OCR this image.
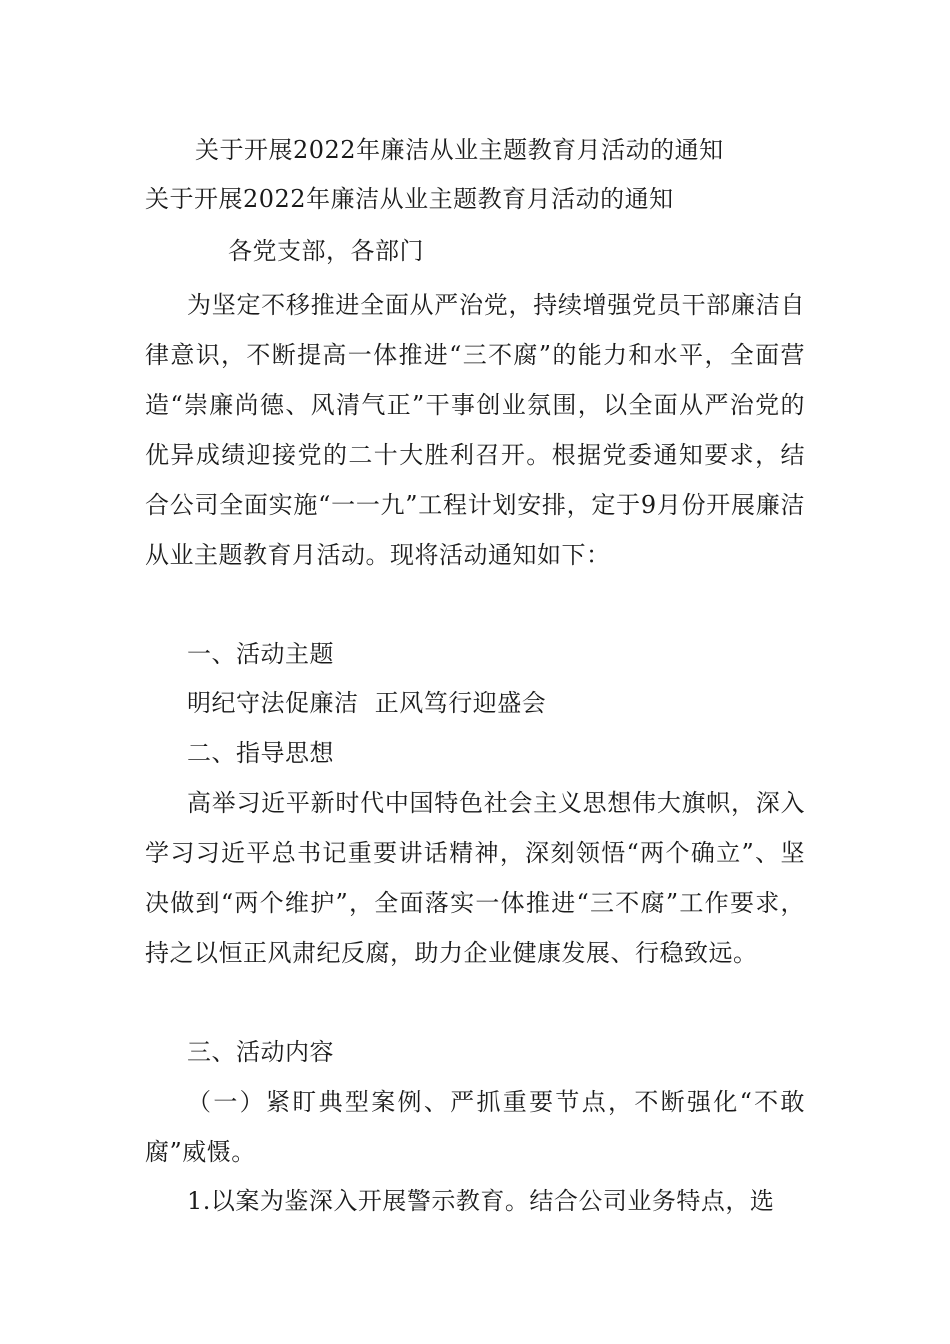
关于开展2022年廉洁从业主题教育月活动的通知
关于开展2022年廉洁从业主题教育月活动的通知
各党支部，各部门
为坚定不移推进全面从严治党，持续增强党员干部廉洁自律意识，不断提高一体推进“三不腐”的能力和水平，全面营造“崇廉尚德、风清气正”干事创业氛围，以全面从严治党的优异成绩迎接党的二十大胜利召开。根据党委通知要求，结合公司全面实施“一一九”工程计划安排，定于9月份开展廉洁从业主题教育月活动。现将活动通知如下：
一、活动主题
明纪守法促廉洁  正风笃行迎盛会
二、指导思想
高举习近平新时代中国特色社会主义思想伟大旗帜，深入学习习近平总书记重要讲话精神，深刻领悟“两个确立”、坚决做到“两个维护”，全面落实一体推进“三不腐”工作要求，持之以恒正风肃纪反腐，助力企业健康发展、行稳致远。
三、活动内容
（一）紧盯典型案例、严抓重要节点，不断强化“不敢腐”威慑。
1.以案为鉴深入开展警示教育。结合公司业务特点，选
